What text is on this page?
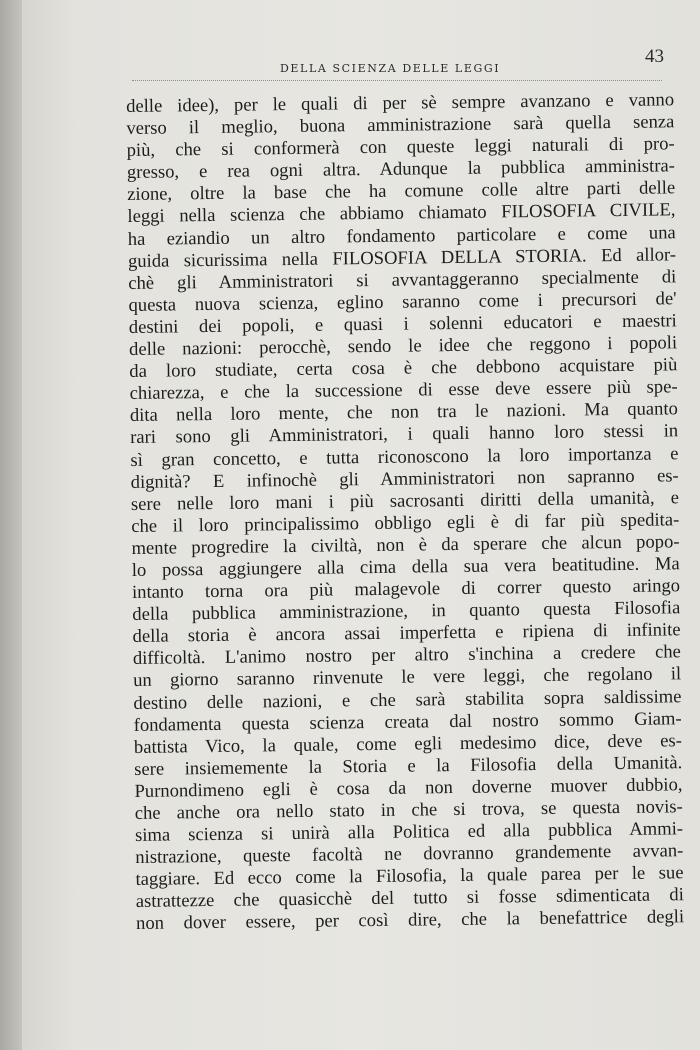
DELLA SCIENZA DELLE LEGGI
43
delle idee), per le quali di per sè sempre avanzano e vanno
verso il meglio, buona amministrazione sarà quella senza
più, che si conformerà con queste leggi naturali di pro-
gresso, e rea ogni altra. Adunque la pubblica amministra-
zione, oltre la base che ha comune colle altre parti delle
leggi nella scienza che abbiamo chiamato FILOSOFIA CIVILE,
ha eziandio un altro fondamento particolare e come una
guida sicurissima nella FILOSOFIA DELLA STORIA. Ed allor-
chè gli Amministratori si avvantaggeranno specialmente di
questa nuova scienza, eglino saranno come i precursori de'
destini dei popoli, e quasi i solenni educatori e maestri
delle nazioni: perocchè, sendo le idee che reggono i popoli
da loro studiate, certa cosa è che debbono acquistare più
chiarezza, e che la successione di esse deve essere più spe-
dita nella loro mente, che non tra le nazioni. Ma quanto
rari sono gli Amministratori, i quali hanno loro stessi in
sì gran concetto, e tutta riconoscono la loro importanza e
dignità? E infinochè gli Amministratori non sapranno es-
sere nelle loro mani i più sacrosanti diritti della umanità, e
che il loro principalissimo obbligo egli è di far più spedita-
mente progredire la civiltà, non è da sperare che alcun popo-
lo possa aggiungere alla cima della sua vera beatitudine. Ma
intanto torna ora più malagevole di correr questo aringo
della pubblica amministrazione, in quanto questa Filosofia
della storia è ancora assai imperfetta e ripiena di infinite
difficoltà. L'animo nostro per altro s'inchina a credere che
un giorno saranno rinvenute le vere leggi, che regolano il
destino delle nazioni, e che sarà stabilita sopra saldissime
fondamenta questa scienza creata dal nostro sommo Giam-
battista Vico, la quale, come egli medesimo dice, deve es-
sere insiememente la Storia e la Filosofia della Umanità.
Purnondimeno egli è cosa da non doverne muover dubbio,
che anche ora nello stato in che si trova, se questa novis-
sima scienza si unirà alla Politica ed alla pubblica Ammi-
nistrazione, queste facoltà ne dovranno grandemente avvan-
taggiare. Ed ecco come la Filosofia, la quale parea per le sue
astrattezze che quasicchè del tutto si fosse sdimenticata di
non dover essere, per così dire, che la benefattrice degli
